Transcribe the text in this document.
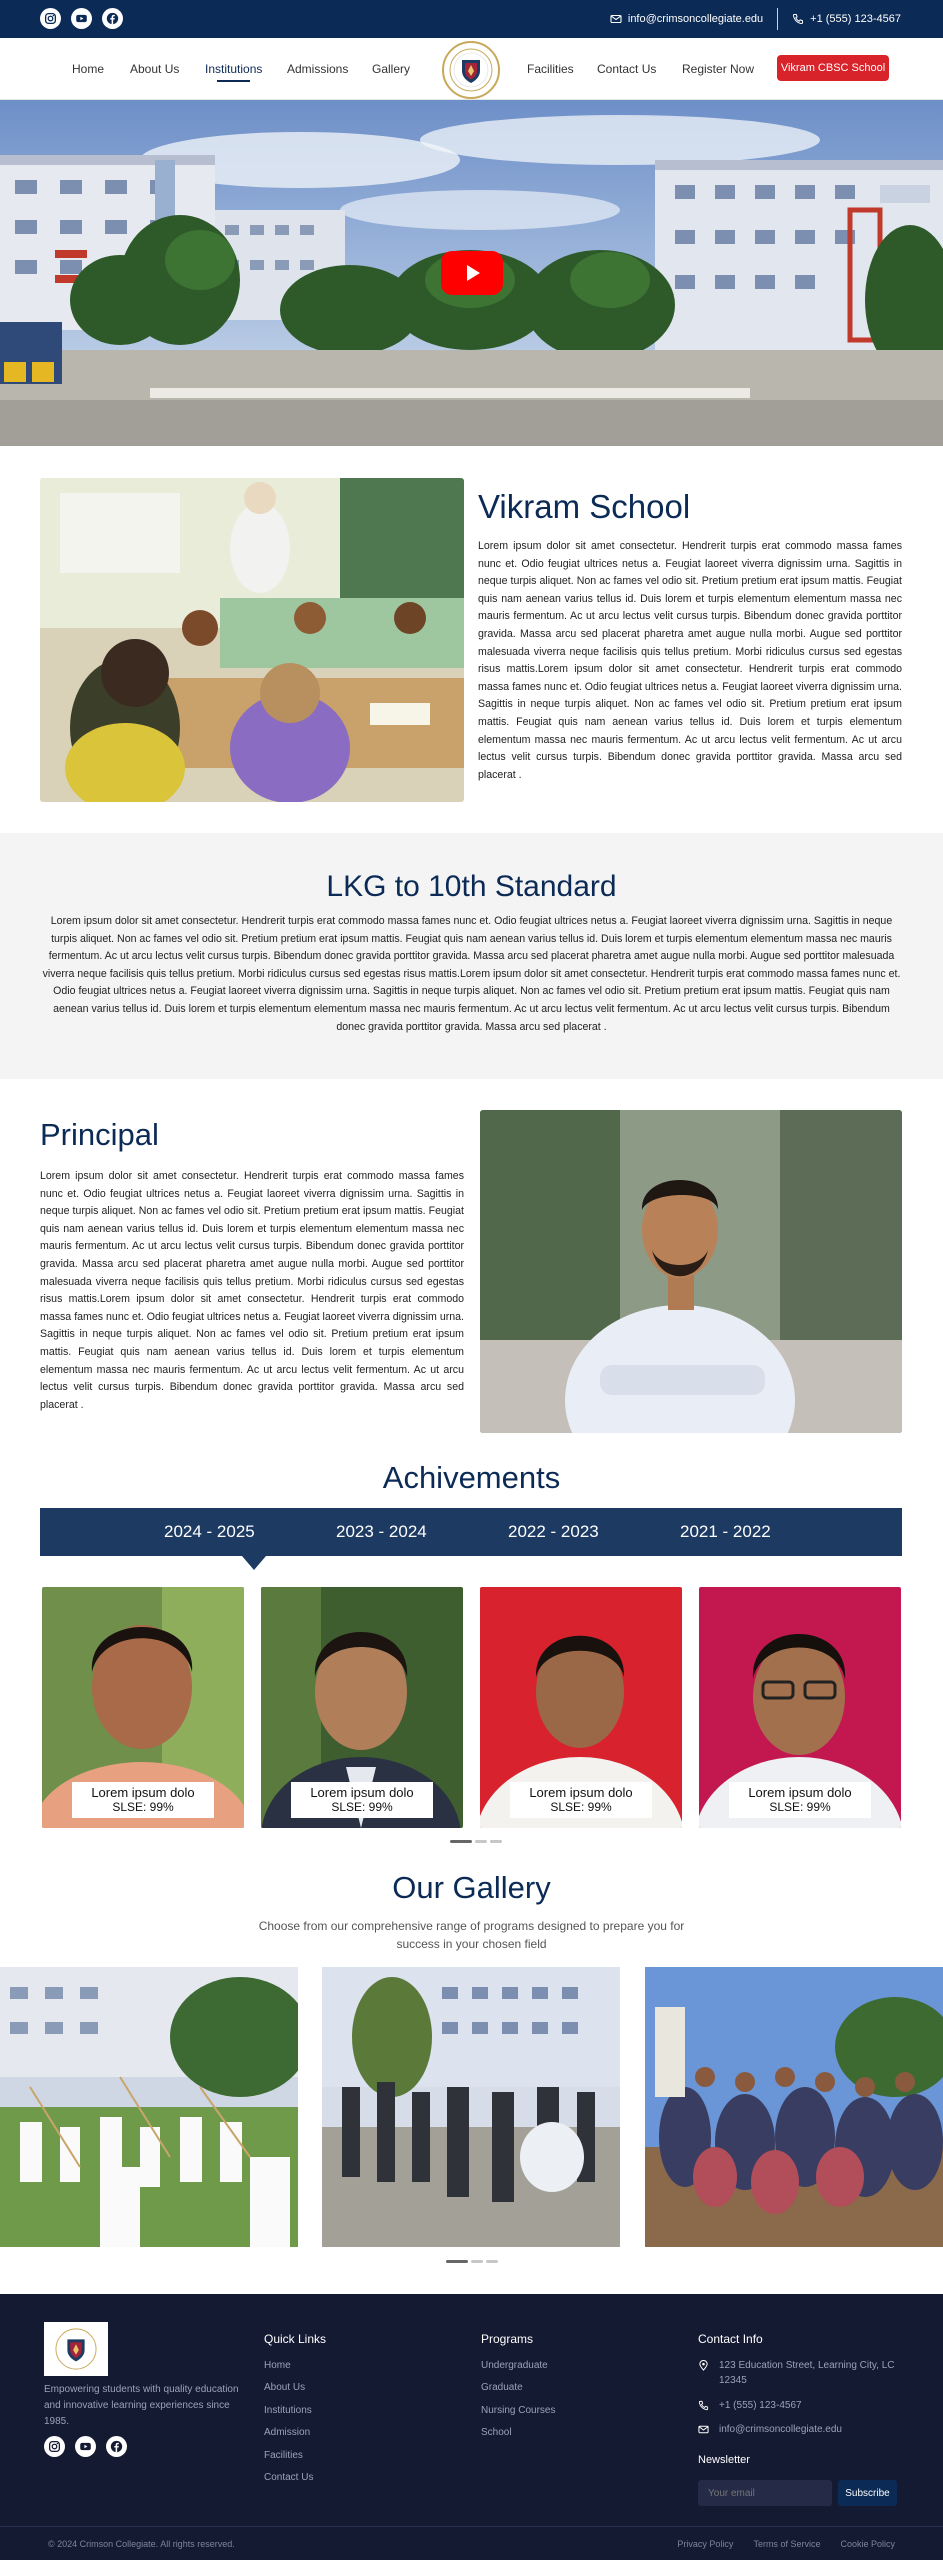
info@crimsoncollegiate.edu	+1 (555) 123-4567
Home About Us Institutions Admissions Gallery	Facilities Contact Us Register Now	Vikram CBSC School
Vikram School
Lorem ipsum dolor sit amet consectetur. Hendrerit turpis erat commodo massa fames nunc et. Odio feugiat ultrices netus a. Feugiat laoreet viverra dignissim urna. Sagittis in neque turpis aliquet. Non ac fames vel odio sit. Pretium pretium erat ipsum mattis. Feugiat quis nam aenean varius tellus id. Duis lorem et turpis elementum elementum massa nec mauris fermentum. Ac ut arcu lectus velit cursus turpis. Bibendum donec gravida porttitor gravida. Massa arcu sed placerat pharetra amet augue nulla morbi. Augue sed porttitor malesuada viverra neque facilisis quis tellus pretium. Morbi ridiculus cursus sed egestas risus mattis.Lorem ipsum dolor sit amet consectetur. Hendrerit turpis erat commodo massa fames nunc et. Odio feugiat ultrices netus a. Feugiat laoreet viverra dignissim urna. Sagittis in neque turpis aliquet. Non ac fames vel odio sit. Pretium pretium erat ipsum mattis. Feugiat quis nam aenean varius tellus id. Duis lorem et turpis elementum elementum massa nec mauris fermentum. Ac ut arcu lectus velit fermentum. Ac ut arcu lectus velit cursus turpis. Bibendum donec gravida porttitor gravida. Massa arcu sed placerat .
LKG to 10th Standard
Lorem ipsum dolor sit amet consectetur. Hendrerit turpis erat commodo massa fames nunc et. Odio feugiat ultrices netus a. Feugiat laoreet viverra dignissim urna. Sagittis in neque turpis aliquet. Non ac fames vel odio sit. Pretium pretium erat ipsum mattis. Feugiat quis nam aenean varius tellus id. Duis lorem et turpis elementum elementum massa nec mauris fermentum. Ac ut arcu lectus velit cursus turpis. Bibendum donec gravida porttitor gravida. Massa arcu sed placerat pharetra amet augue nulla morbi. Augue sed porttitor malesuada viverra neque facilisis quis tellus pretium. Morbi ridiculus cursus sed egestas risus mattis.Lorem ipsum dolor sit amet consectetur. Hendrerit turpis erat commodo massa fames nunc et. Odio feugiat ultrices netus a. Feugiat laoreet viverra dignissim urna. Sagittis in neque turpis aliquet. Non ac fames vel odio sit. Pretium pretium erat ipsum mattis. Feugiat quis nam aenean varius tellus id. Duis lorem et turpis elementum elementum massa nec mauris fermentum. Ac ut arcu lectus velit fermentum. Ac ut arcu lectus velit cursus turpis. Bibendum donec gravida porttitor gravida. Massa arcu sed placerat .
Principal
Lorem ipsum dolor sit amet consectetur. Hendrerit turpis erat commodo massa fames nunc et. Odio feugiat ultrices netus a. Feugiat laoreet viverra dignissim urna. Sagittis in neque turpis aliquet. Non ac fames vel odio sit. Pretium pretium erat ipsum mattis. Feugiat quis nam aenean varius tellus id. Duis lorem et turpis elementum elementum massa nec mauris fermentum. Ac ut arcu lectus velit cursus turpis. Bibendum donec gravida porttitor gravida. Massa arcu sed placerat pharetra amet augue nulla morbi. Augue sed porttitor malesuada viverra neque facilisis quis tellus pretium. Morbi ridiculus cursus sed egestas risus mattis.Lorem ipsum dolor sit amet consectetur. Hendrerit turpis erat commodo massa fames nunc et. Odio feugiat ultrices netus a. Feugiat laoreet viverra dignissim urna. Sagittis in neque turpis aliquet. Non ac fames vel odio sit. Pretium pretium erat ipsum mattis. Feugiat quis nam aenean varius tellus id. Duis lorem et turpis elementum elementum massa nec mauris fermentum. Ac ut arcu lectus velit fermentum. Ac ut arcu lectus velit cursus turpis. Bibendum donec gravida porttitor gravida. Massa arcu sed placerat .
Achivements
2024 - 2025	2023 - 2024	2022 - 2023	2021 - 2022
Lorem ipsum dolo
SLSE: 99%
Lorem ipsum dolo
SLSE: 99%
Lorem ipsum dolo
SLSE: 99%
Lorem ipsum dolo
SLSE: 99%
Our Gallery
Choose from our comprehensive range of programs designed to prepare you for success in your chosen field
Empowering students with quality education and innovative learning experiences since 1985.
Quick Links
Home
About Us
Institutions
Admission
Facilities
Contact Us
Programs
Undergraduate
Graduate
Nursing Courses
School
Contact Info
123 Education Street, Learning City, LC 12345
+1 (555) 123-4567
info@crimsoncollegiate.edu
Newsletter
Your email
Subscribe
© 2024 Crimson Collegiate. All rights reserved.	Privacy Policy Terms of Service Cookie Policy
